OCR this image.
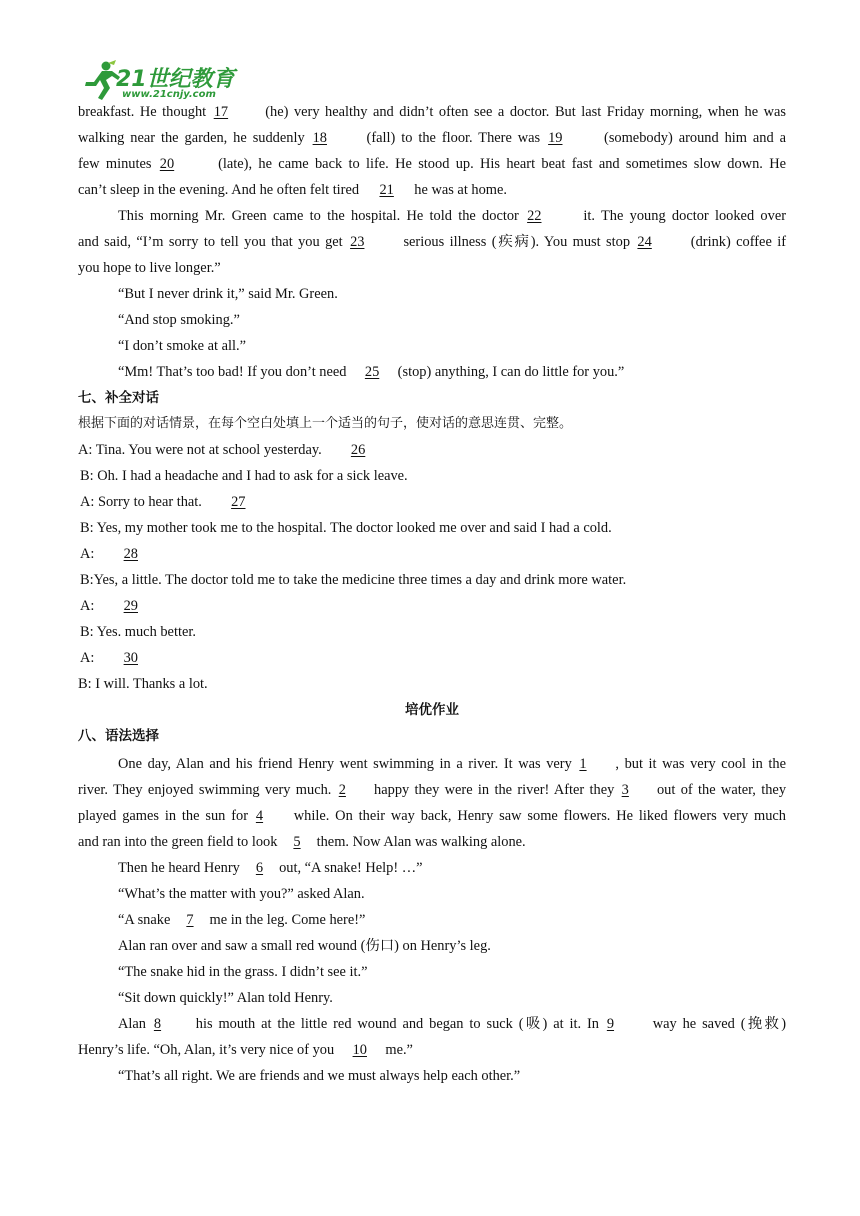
21世纪教育
www.21cnjy.com
breakfast. He thought 17 (he) very healthy and didn’t often see a doctor. But last Friday morning, when he was
walking near the garden, he suddenly 18 (fall) to the floor. There was 19 (somebody) around him and a
few minutes 20	(late), he came back to life. He stood up. His heart beat fast and sometimes slow down. He
can’t sleep in the evening. And he often felt tired 21 he was at home.
This morning Mr. Green came to the hospital. He told the doctor 22 it. The young doctor looked over
and said, “I’m sorry to tell you that you get 23 serious illness (疾病). You must stop 24 (drink) coffee if
you hope to live longer.”
“But I never drink it,” said Mr. Green.
“And stop smoking.”
“I don’t smoke at all.”
“Mm! That’s too bad! If you don’t need 25 (stop) anything, I can do little for you.”
七、补全对话
根据下面的对话情景，在每个空白处填上一个适当的句子，使对话的意思连贯、完整。
A: Tina. You were not at school yesterday. 26
B: Oh. I had a headache and I had to ask for a sick leave.
A: Sorry to hear that. 27
B: Yes, my mother took me to the hospital. The doctor looked me over and said I had a cold.
A: 28
B:Yes, a little. The doctor told me to take the medicine three times a day and drink more water.
A: 29
B: Yes. much better.
A: 30
B: I will. Thanks a lot.
培优作业
八、语法选择
One day, Alan and his friend Henry went swimming in a river. It was very 1 , but it was very cool in the
river. They enjoyed swimming very much. 2 happy they were in the river! After they 3 out of the water, they
played games in the sun for 4 while. On their way back, Henry saw some flowers. He liked flowers very much
and ran into the green field to look 5 them. Now Alan was walking alone.
Then he heard Henry 6 out, “A snake! Help! …”
“What’s the matter with you?” asked Alan.
“A snake 7 me in the leg. Come here!”
Alan ran over and saw a small red wound (伤口) on Henry’s leg.
“The snake hid in the grass. I didn’t see it.”
“Sit down quickly!” Alan told Henry.
Alan 8 his mouth at the little red wound and began to suck (吸) at it. In 9 way he saved (挽救)
Henry’s life. “Oh, Alan, it’s very nice of you 10 me.”
“That’s all right. We are friends and we must always help each other.”
